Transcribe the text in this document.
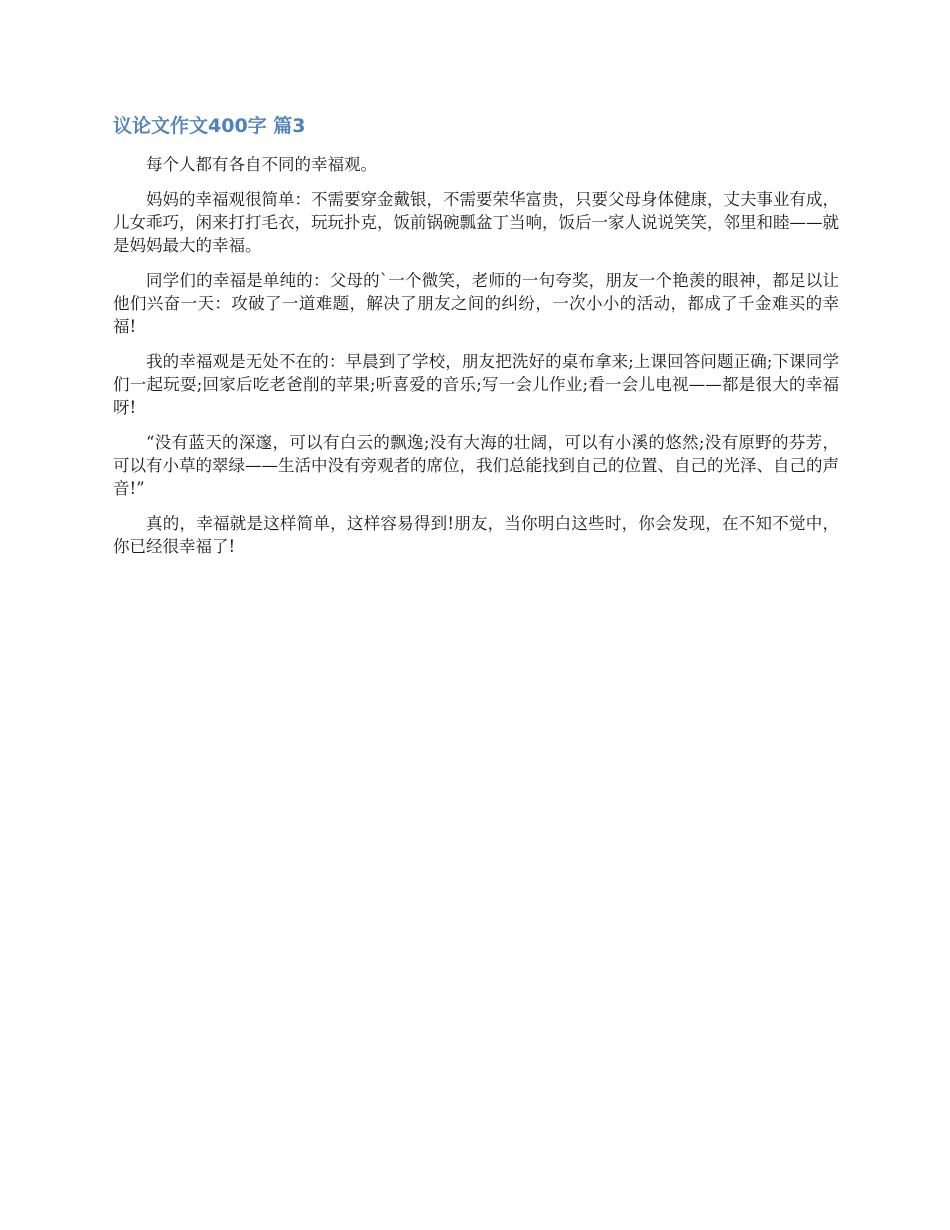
议论文作文400字 篇3

每个人都有各自不同的幸福观。

妈妈的幸福观很简单：不需要穿金戴银，不需要荣华富贵，只要父母身体健康，丈夫事业有成，儿女乖巧，闲来打打毛衣，玩玩扑克，饭前锅碗瓢盆丁当响，饭后一家人说说笑笑，邻里和睦——就是妈妈最大的幸福。

同学们的幸福是单纯的：父母的`一个微笑，老师的一句夸奖，朋友一个艳羡的眼神，都足以让他们兴奋一天：攻破了一道难题，解决了朋友之间的纠纷，一次小小的活动，都成了千金难买的幸福!

我的幸福观是无处不在的：早晨到了学校，朋友把洗好的桌布拿来;上课回答问题正确;下课同学们一起玩耍;回家后吃老爸削的苹果;听喜爱的音乐;写一会儿作业;看一会儿电视——都是很大的幸福呀!

“没有蓝天的深邃，可以有白云的飘逸;没有大海的壮阔，可以有小溪的悠然;没有原野的芬芳，可以有小草的翠绿——生活中没有旁观者的席位，我们总能找到自己的位置、自己的光泽、自己的声音!”

真的，幸福就是这样简单，这样容易得到!朋友，当你明白这些时，你会发现，在不知不觉中，你已经很幸福了!
